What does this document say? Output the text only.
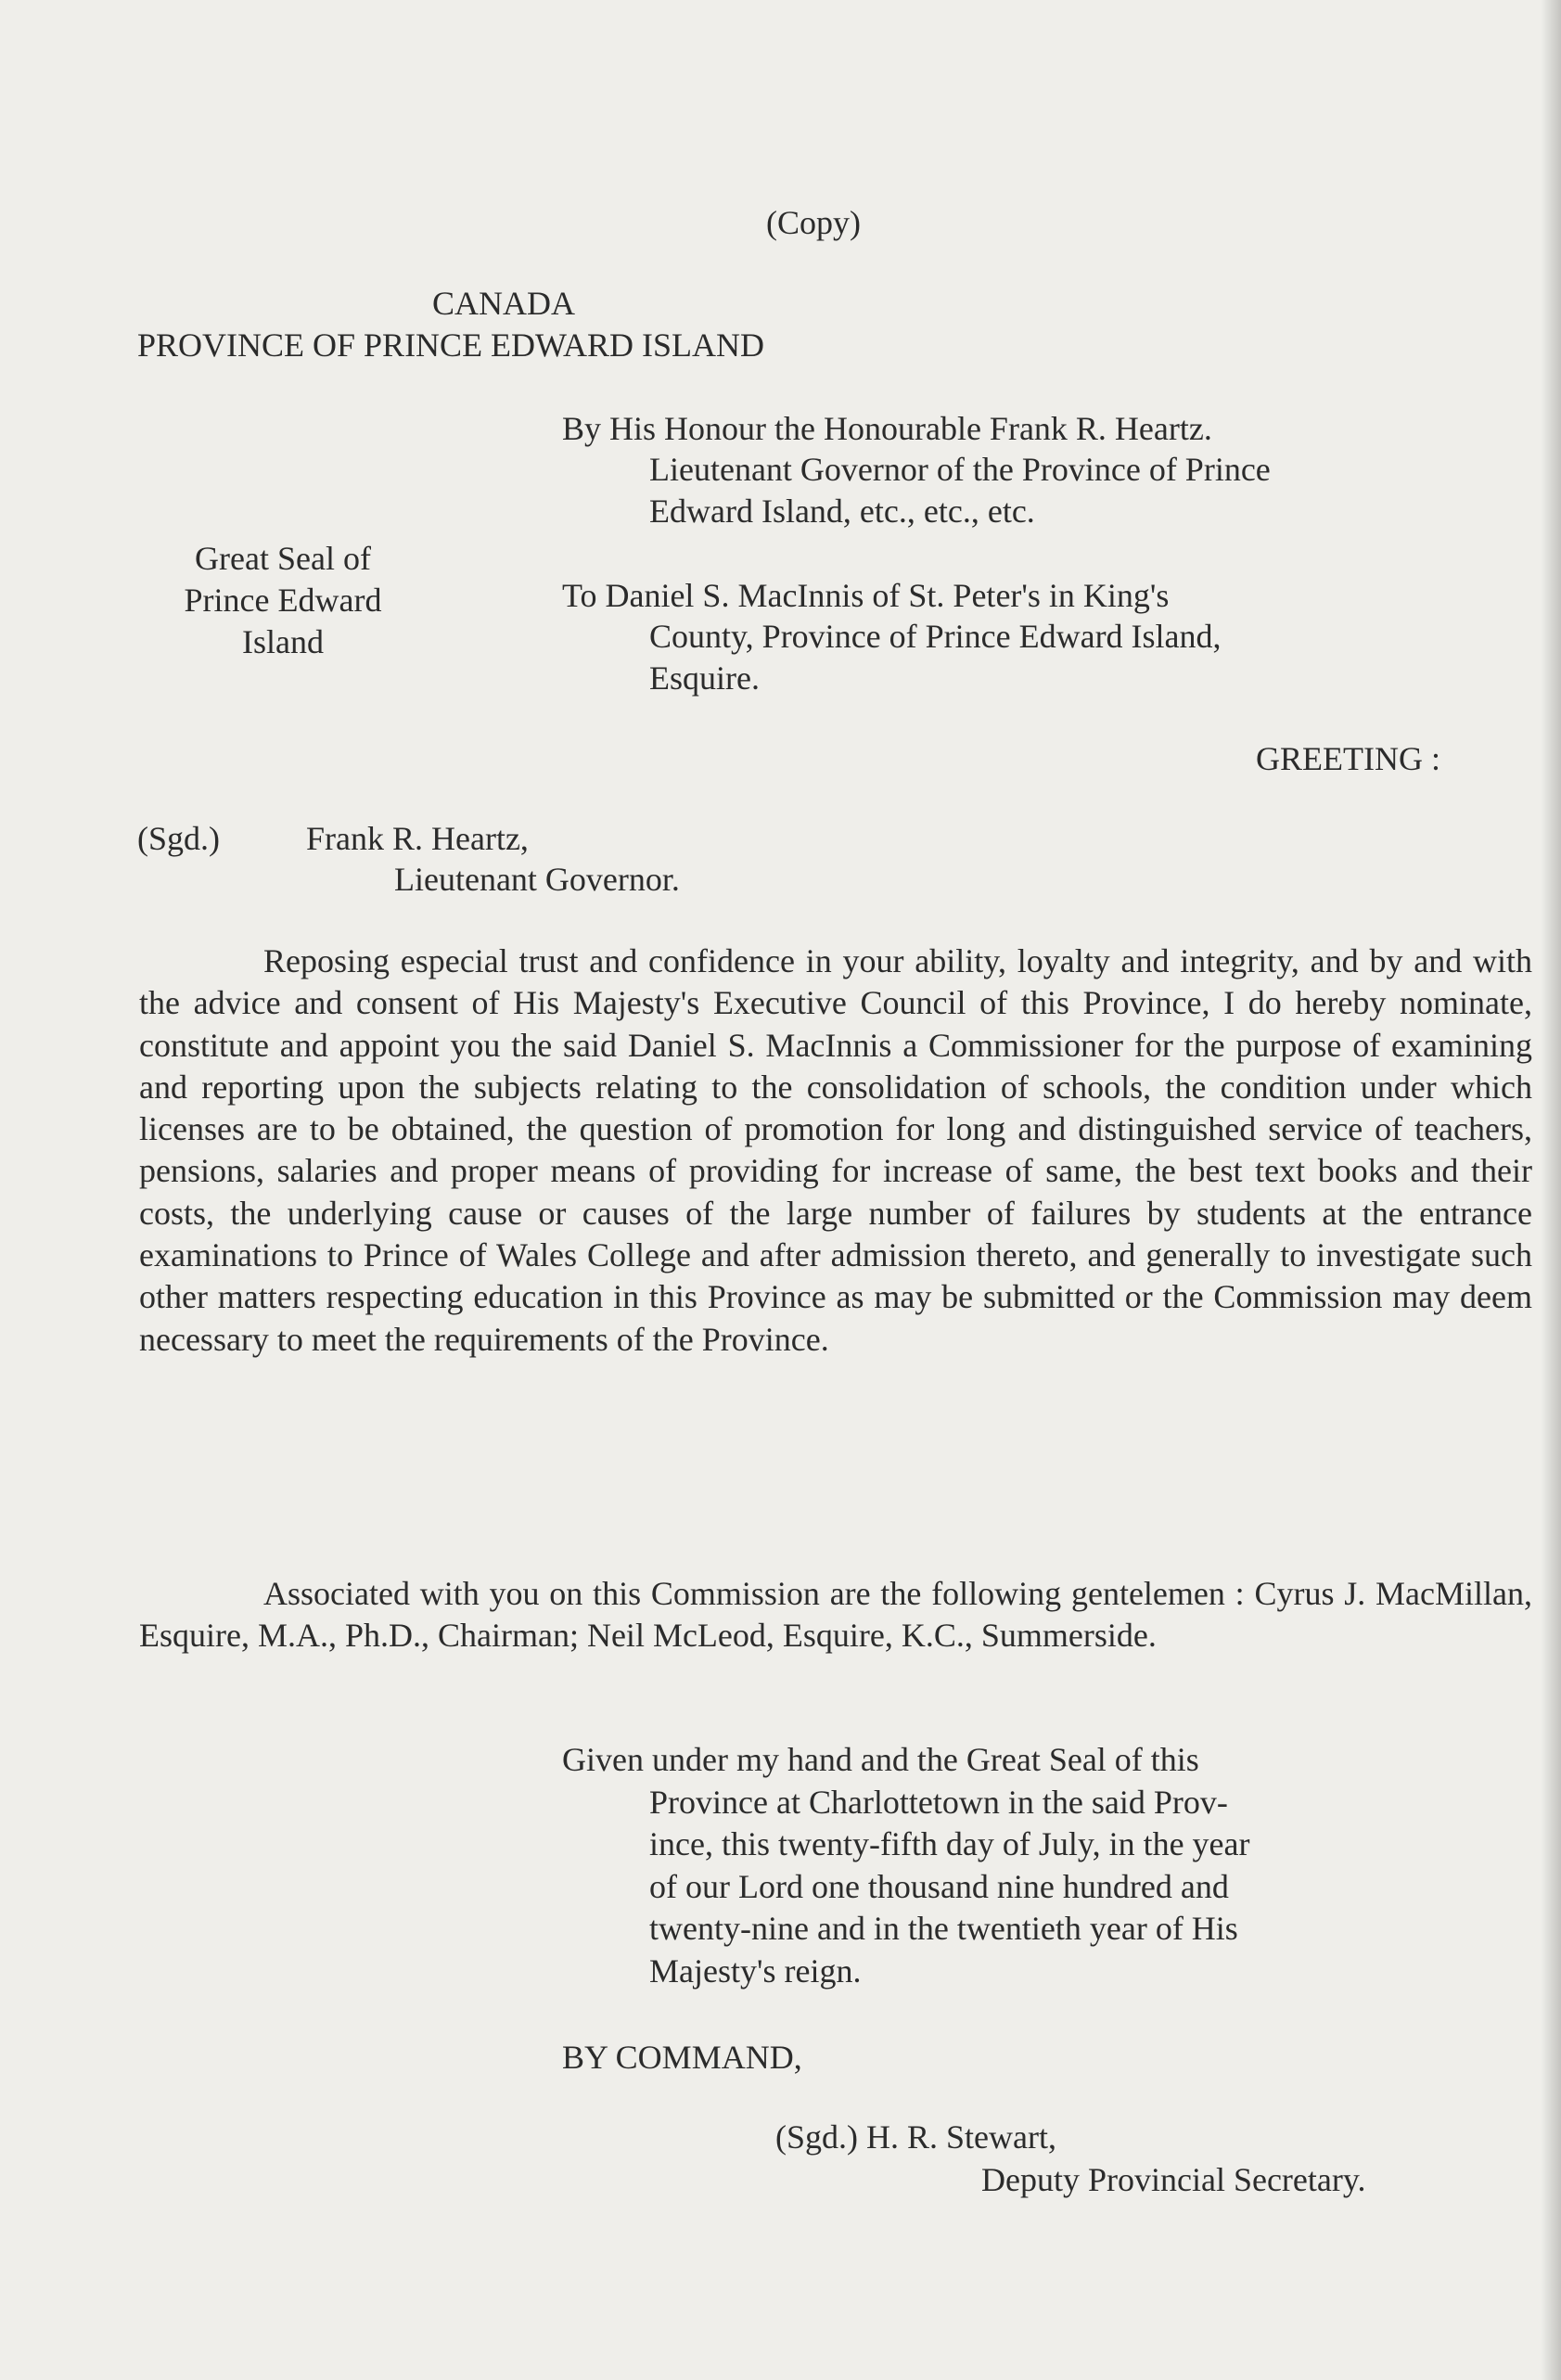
(Copy)
CANADA
PROVINCE OF PRINCE EDWARD ISLAND
Great Seal of
Prince Edward
Island
By His Honour the Honourable Frank R. Heartz.
Lieutenant Governor of the Province of Prince
Edward Island, etc., etc., etc.
To Daniel S. MacInnis of St. Peter's in King's
County, Province of Prince Edward Island,
Esquire.
GREETING :
(Sgd.)	Frank R. Heartz,
Lieutenant Governor.
Reposing especial trust and confidence in your ability, loyalty and integrity, and by and with the advice and consent of His Majesty's Executive Council of this Province, I do hereby nominate, constitute and appoint you the said Daniel S. MacInnis a Commissioner for the purpose of examining and reporting upon the subjects relating to the consolidation of schools, the condition under which licenses are to be obtained, the question of promotion for long and distinguished service of teachers, pensions, salaries and proper means of providing for increase of same, the best text books and their costs, the underlying cause or causes of the large number of failures by students at the entrance examinations to Prince of Wales College and after admission thereto, and generally to investigate such other matters respecting education in this Province as may be submitted or the Commission may deem necessary to meet the requirements of the Province.
Associated with you on this Commission are the following gentelemen : Cyrus J. MacMillan, Esquire, M.A., Ph.D., Chairman; Neil McLeod, Esquire, K.C., Summerside.
Given under my hand and the Great Seal of this
Province at Charlottetown in the said Prov-
ince, this twenty-fifth day of July, in the year
of our Lord one thousand nine hundred and
twenty-nine and in the twentieth year of His
Majesty's reign.
BY COMMAND,
(Sgd.) H. R. Stewart,
Deputy Provincial Secretary.
